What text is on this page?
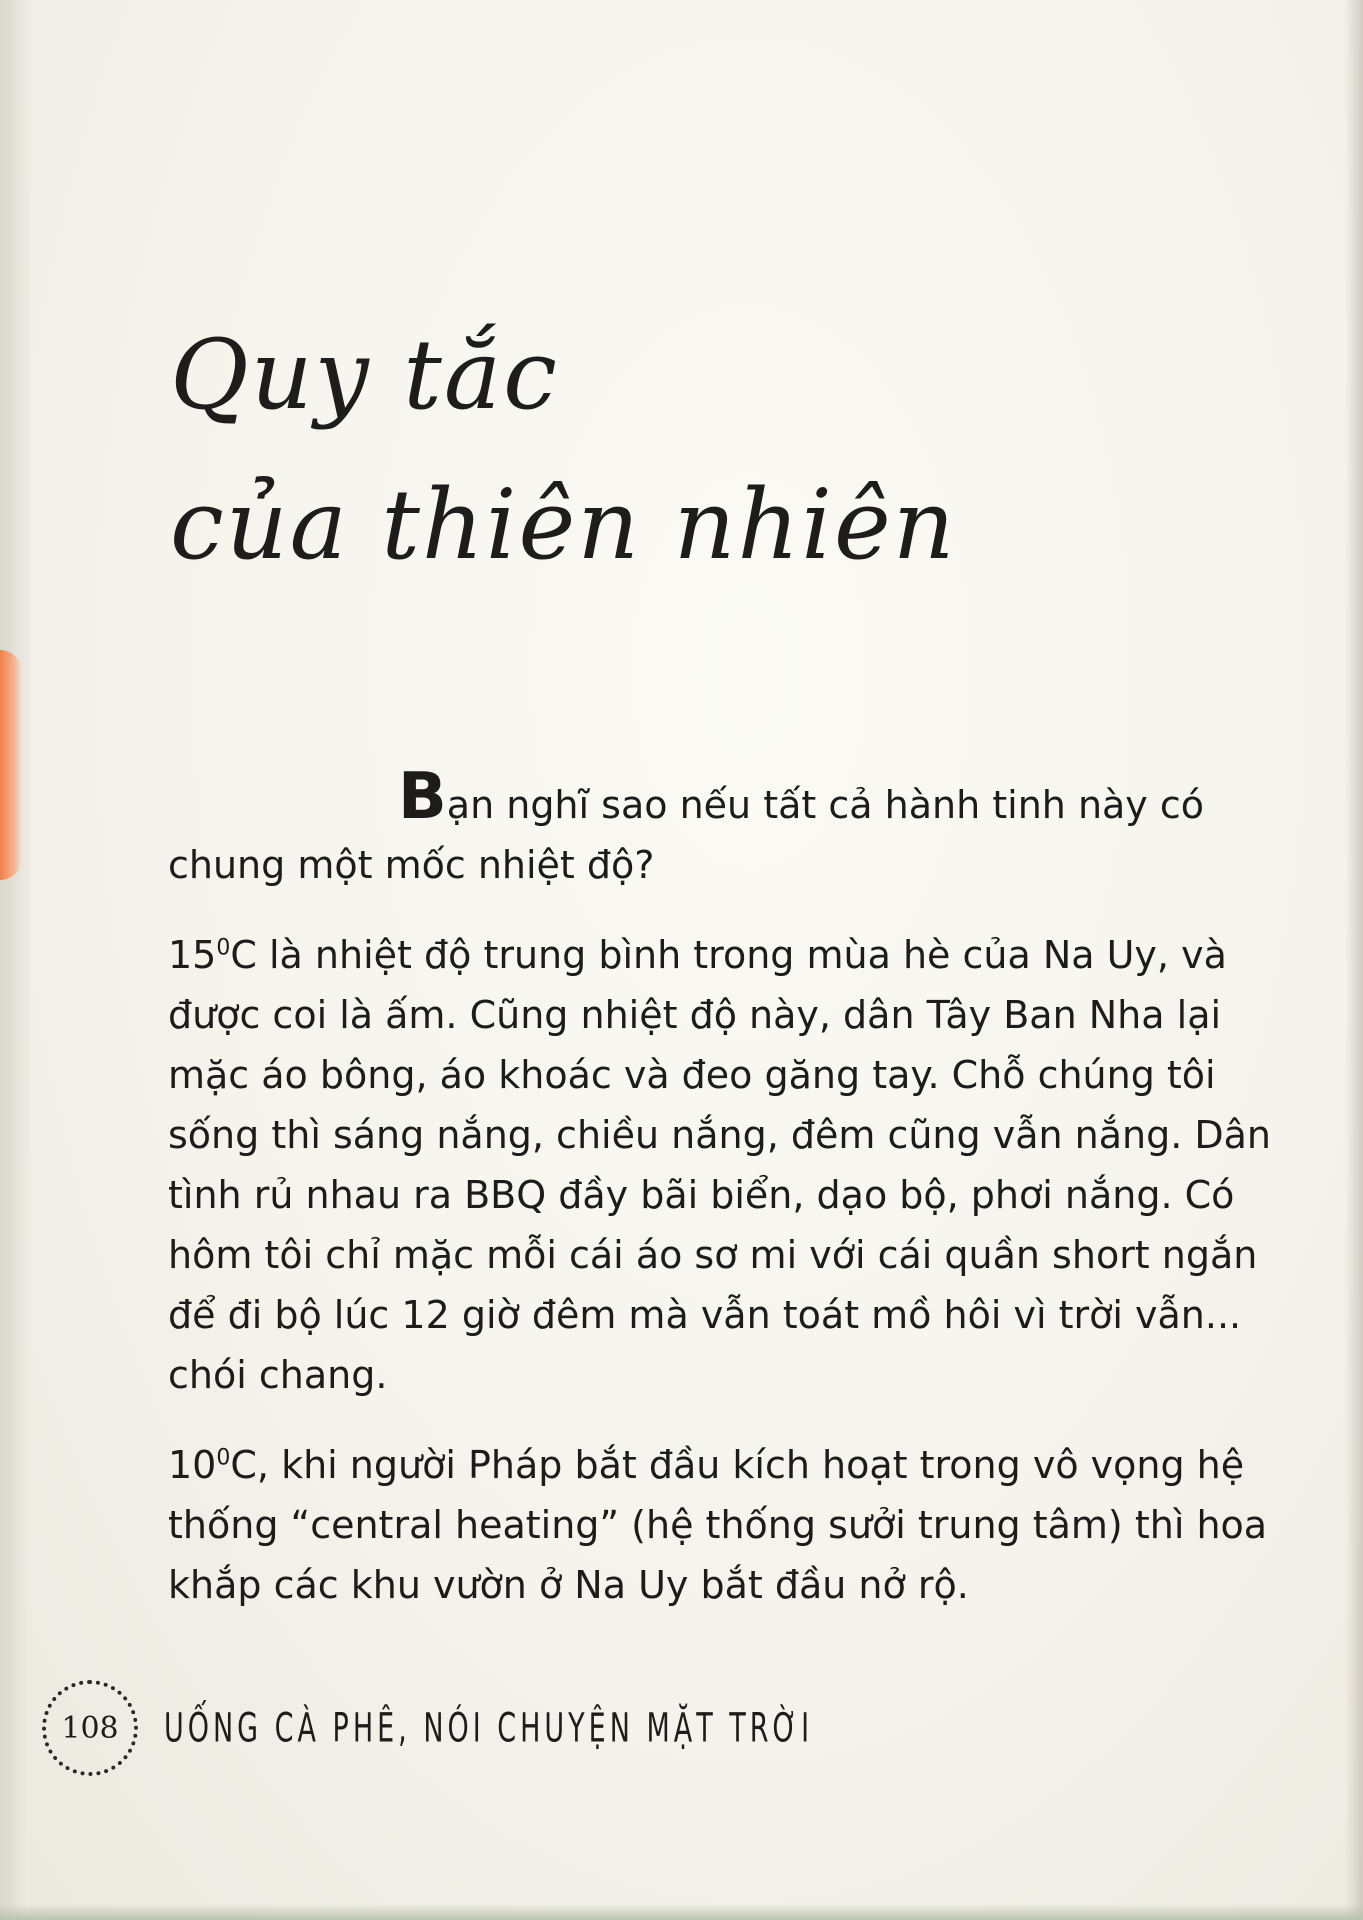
Quy tắc
của thiên nhiên

Bạn nghĩ sao nếu tất cả hành tinh này có chung một mốc nhiệt độ?

$15^0C$ là nhiệt độ trung bình trong mùa hè của Na Uy, và được coi là ấm. Cũng nhiệt độ này, dân Tây Ban Nha lại mặc áo bông, áo khoác và đeo găng tay. Chỗ chúng tôi sống thì sáng nắng, chiều nắng, đêm cũng vẫn nắng. Dân tình rủ nhau ra BBQ đầy bãi biển, dạo bộ, phơi nắng. Có hôm tôi chỉ mặc mỗi cái áo sơ mi với cái quần short ngắn để đi bộ lúc 12 giờ đêm mà vẫn toát mồ hôi vì trời vẫn... chói chang.

$10^0C$, khi người Pháp bắt đầu kích hoạt trong vô vọng hệ thống “central heating” (hệ thống sưởi trung tâm) thì hoa khắp các khu vườn ở Na Uy bắt đầu nở rộ.

108	UỐNG CÀ PHÊ, NÓI CHUYỆN MẶT TRỜI
